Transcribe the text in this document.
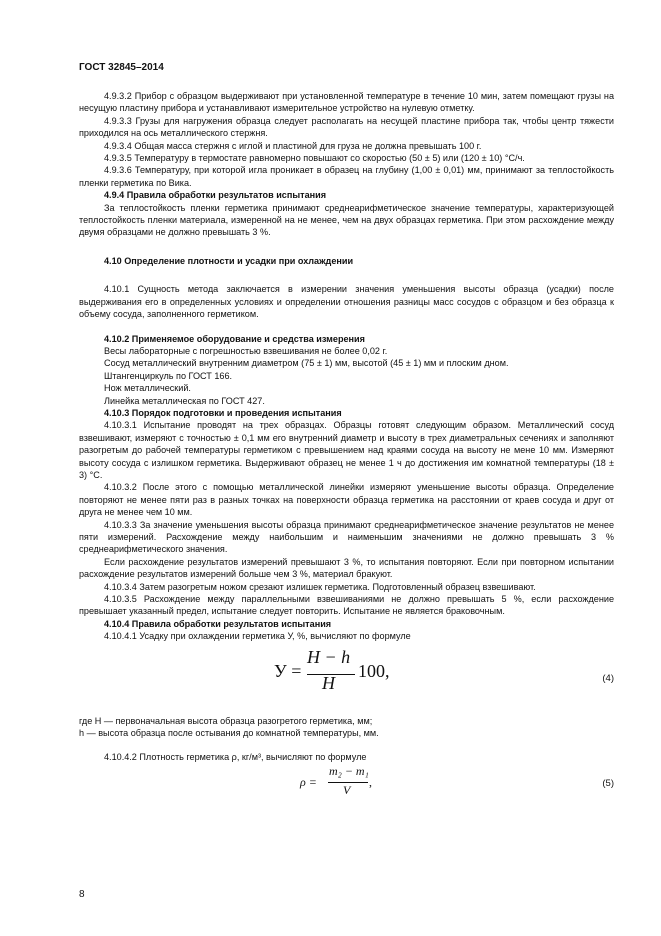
ГОСТ 32845–2014

4.9.3.2 Прибор с образцом выдерживают при установленной температуре в течение 10 мин, затем помещают грузы на несущую пластину прибора и устанавливают измерительное устройство на нулевую отметку.

4.9.3.3 Грузы для нагружения образца следует располагать на несущей пластине прибора так, чтобы центр тяжести приходился на ось металлического стержня.

4.9.3.4 Общая масса стержня с иглой и пластиной для груза не должна превышать 100 г.

4.9.3.5 Температуру в термостате равномерно повышают со скоростью (50 ± 5) или (120 ± 10) °С/ч.

4.9.3.6 Температуру, при которой игла проникает в образец на глубину (1,00 ± 0,01) мм, принимают за теплостойкость пленки герметика по Вика.

4.9.4 Правила обработки результатов испытания

За теплостойкость пленки герметика принимают среднеарифметическое значение температуры, характеризующей теплостойкость пленки материала, измеренной на не менее, чем на двух образцах герметика. При этом расхождение между двумя образцами не должно превышать 3 %.

4.10 Определение плотности и усадки при охлаждении

4.10.1 Сущность метода заключается в измерении значения уменьшения высоты образца (усадки) после выдерживания его в определенных условиях и определении отношения разницы масс сосудов с образцом и без образца к объему сосуда, заполненного герметиком.

4.10.2 Применяемое оборудование и средства измерения

Весы лабораторные с погрешностью взвешивания не более 0,02 г.

Сосуд металлический внутренним диаметром (75 ± 1) мм, высотой (45 ± 1) мм и плоским дном.

Штангенциркуль по ГОСТ 166.

Нож металлический.

Линейка металлическая по ГОСТ 427.

4.10.3 Порядок подготовки и проведения испытания

4.10.3.1 Испытание проводят на трех образцах. Образцы готовят следующим образом. Металлический сосуд взвешивают, измеряют с точностью ± 0,1 мм его внутренний диаметр и высоту в трех диаметральных сечениях и заполняют разогретым до рабочей температуры герметиком с превышением над краями сосуда на высоту не мене 10 мм. Измеряют высоту сосуда с излишком герметика. Выдерживают образец не менее 1 ч до достижения им комнатной температуры (18 ± 3) °С.

4.10.3.2 После этого с помощью металлической линейки измеряют уменьшение высоты образца. Определение повторяют не менее пяти раз в разных точках на поверхности образца герметика на расстоянии от краев сосуда и друг от друга не менее чем 10 мм.

4.10.3.3 За значение уменьшения высоты образца принимают среднеарифметическое значение результатов не менее пяти измерений. Расхождение между наибольшим и наименьшим значениями не должно превышать 3 % среднеарифметического значения.

Если расхождение результатов измерений превышают 3 %, то испытания повторяют. Если при повторном испытании расхождение результатов измерений больше чем 3 %, материал бракуют.

4.10.3.4 Затем разогретым ножом срезают излишек герметика. Подготовленный образец взвешивают.

4.10.3.5 Расхождение между параллельными взвешиваниями не должно превышать 5 %, если расхождение превышает указанный предел, испытание следует повторить. Испытание не является браковочным.

4.10.4 Правила обработки результатов испытания

4.10.4.1 Усадку при охлаждении герметика У, %, вычисляют по формуле

У =
H − h
H
100,	(4)

где H — первоначальная высота образца разогретого герметика, мм;

h — высота образца после остывания до комнатной температуры, мм.

4.10.4.2 Плотность герметика ρ, кг/м³, вычисляют по формуле

ρ =
m₂ − m₁
V
,	(5)
8
